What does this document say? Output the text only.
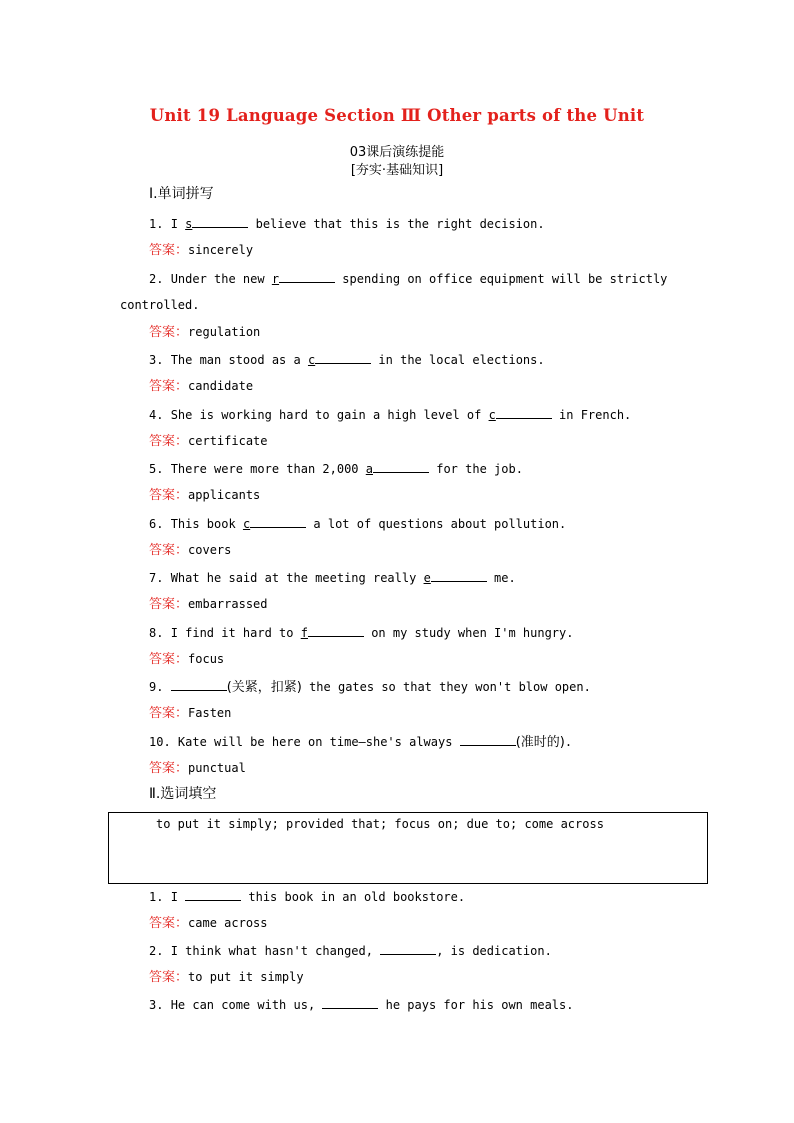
Unit 19 Language Section Ⅲ Other parts of the Unit
03课后演练提能
[夯实·基础知识]
Ⅰ.单词拼写
1. I s	believe that this is the right decision.
答案：sincerely
2. Under the new r	spending on office equipment will be strictly
controlled.
答案：regulation
3. The man stood as a c	in the local elections.
答案：candidate
4. She is working hard to gain a high level of c	in French.
答案：certificate
5. There were more than 2,000 a	for the job.
答案：applicants
6. This book c	a lot of questions about pollution.
答案：covers
7. What he said at the meeting really e	me.
答案：embarrassed
8. I find it hard to f	on my study when I'm hungry.
答案：focus
9.	(关紧，扣紧) the gates so that they won't blow open.
答案：Fasten
10. Kate will be here on time—she's always	(准时的).
答案：punctual
Ⅱ.选词填空
to put it simply; provided that; focus on; due to; come across
1. I	this book in an old bookstore.
答案：came across
2. I think what hasn't changed,	, is dedication.
答案：to put it simply
3. He can come with us,	he pays for his own meals.
